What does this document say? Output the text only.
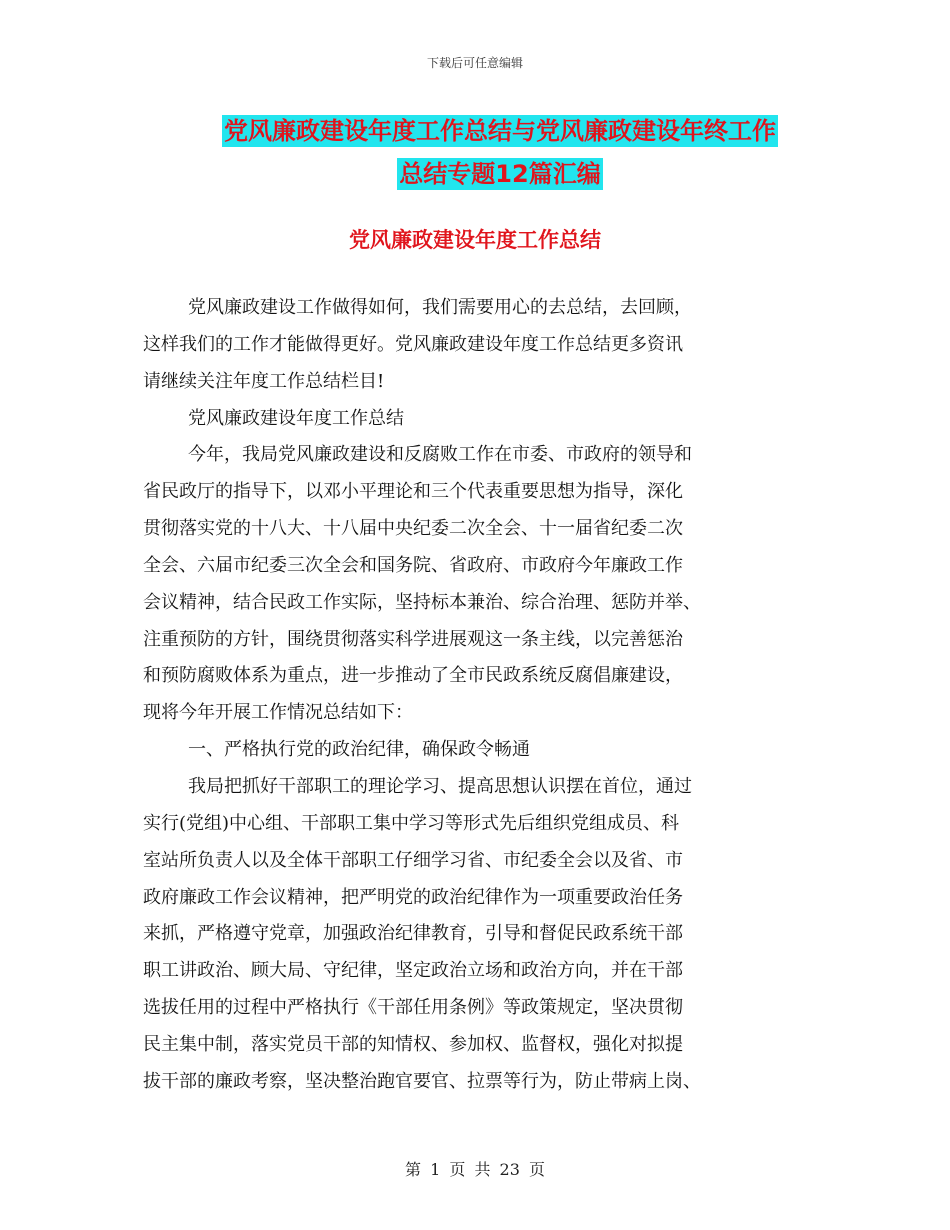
下载后可任意编辑
党风廉政建设年度工作总结与党风廉政建设年终工作
总结专题12篇汇编
党风廉政建设年度工作总结
党风廉政建设工作做得如何，我们需要用心的去总结，去回顾，
这样我们的工作才能做得更好。党风廉政建设年度工作总结更多资讯
请继续关注年度工作总结栏目!
党风廉政建设年度工作总结
今年，我局党风廉政建设和反腐败工作在市委、市政府的领导和
省民政厅的指导下，以邓小平理论和三个代表重要思想为指导，深化
贯彻落实党的十八大、十八届中央纪委二次全会、十一届省纪委二次
全会、六届市纪委三次全会和国务院、省政府、市政府今年廉政工作
会议精神，结合民政工作实际，坚持标本兼治、综合治理、惩防并举、
注重预防的方针，围绕贯彻落实科学进展观这一条主线，以完善惩治
和预防腐败体系为重点，进一步推动了全市民政系统反腐倡廉建设，
现将今年开展工作情况总结如下：
一、严格执行党的政治纪律，确保政令畅通
我局把抓好干部职工的理论学习、提高思想认识摆在首位，通过
实行(党组)中心组、干部职工集中学习等形式先后组织党组成员、科
室站所负责人以及全体干部职工仔细学习省、市纪委全会以及省、市
政府廉政工作会议精神，把严明党的政治纪律作为一项重要政治任务
来抓，严格遵守党章，加强政治纪律教育，引导和督促民政系统干部
职工讲政治、顾大局、守纪律，坚定政治立场和政治方向，并在干部
选拔任用的过程中严格执行《干部任用条例》等政策规定，坚决贯彻
民主集中制，落实党员干部的知情权、参加权、监督权，强化对拟提
拔干部的廉政考察，坚决整治跑官要官、拉票等行为，防止带病上岗、
第 1 页 共 23 页
